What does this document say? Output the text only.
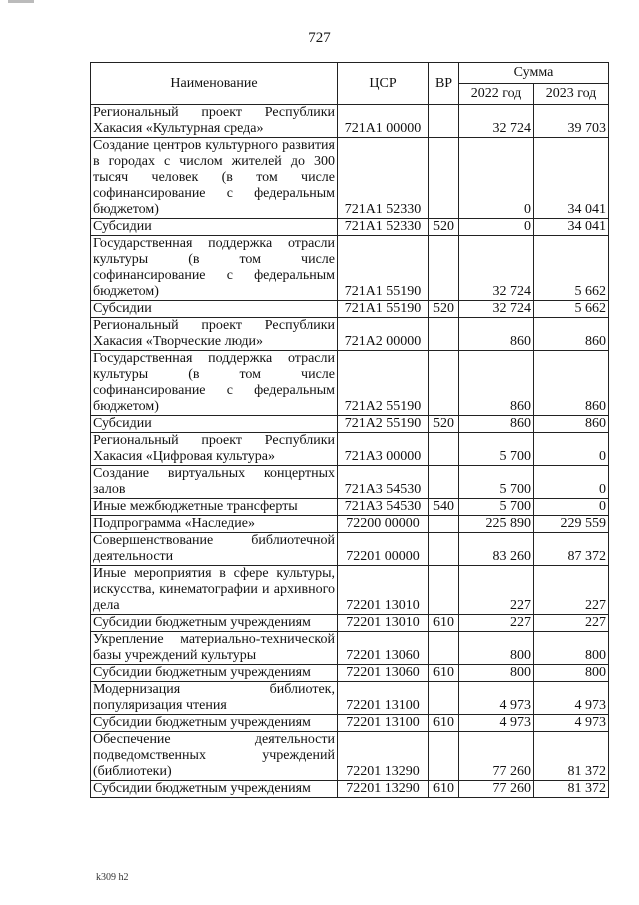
727
Наименование	ЦСР	ВР	Сумма	
			2022 год	2023 год
Региональный проект Республики Хакасия «Культурная среда»	721А1 00000		32 724	39 703
Создание центров культурного развития в городах с числом жителей до 300 тысяч человек (в том числе софинансирование с федеральным бюджетом)	721А1 52330		0	34 041
Субсидии	721А1 52330	520	0	34 041
Государственная поддержка отрасли культуры (в том числе софинансирование с федеральным бюджетом)	721А1 55190		32 724	5 662
Субсидии	721А1 55190	520	32 724	5 662
Региональный проект Республики Хакасия «Творческие люди»	721А2 00000		860	860
Государственная поддержка отрасли культуры (в том числе софинансирование с федеральным бюджетом)	721А2 55190		860	860
Субсидии	721А2 55190	520	860	860
Региональный проект Республики Хакасия «Цифровая культура»	721А3 00000		5 700	0
Создание виртуальных концертных залов	721А3 54530		5 700	0
Иные межбюджетные трансферты	721А3 54530	540	5 700	0
Подпрограмма «Наследие»	72200 00000		225 890	229 559
Совершенствование библиотечной деятельности	72201 00000		83 260	87 372
Иные мероприятия в сфере культуры, искусства, кинематографии и архивного дела	72201 13010		227	227
Субсидии бюджетным учреждениям	72201 13010	610	227	227
Укрепление материально-технической базы учреждений культуры	72201 13060		800	800
Субсидии бюджетным учреждениям	72201 13060	610	800	800
Модернизация библиотек, популяризация чтения	72201 13100		4 973	4 973
Субсидии бюджетным учреждениям	72201 13100	610	4 973	4 973
Обеспечение деятельности подведомственных учреждений (библиотеки)	72201 13290		77 260	81 372
Субсидии бюджетным учреждениям	72201 13290	610	77 260	81 372
k309 h2
